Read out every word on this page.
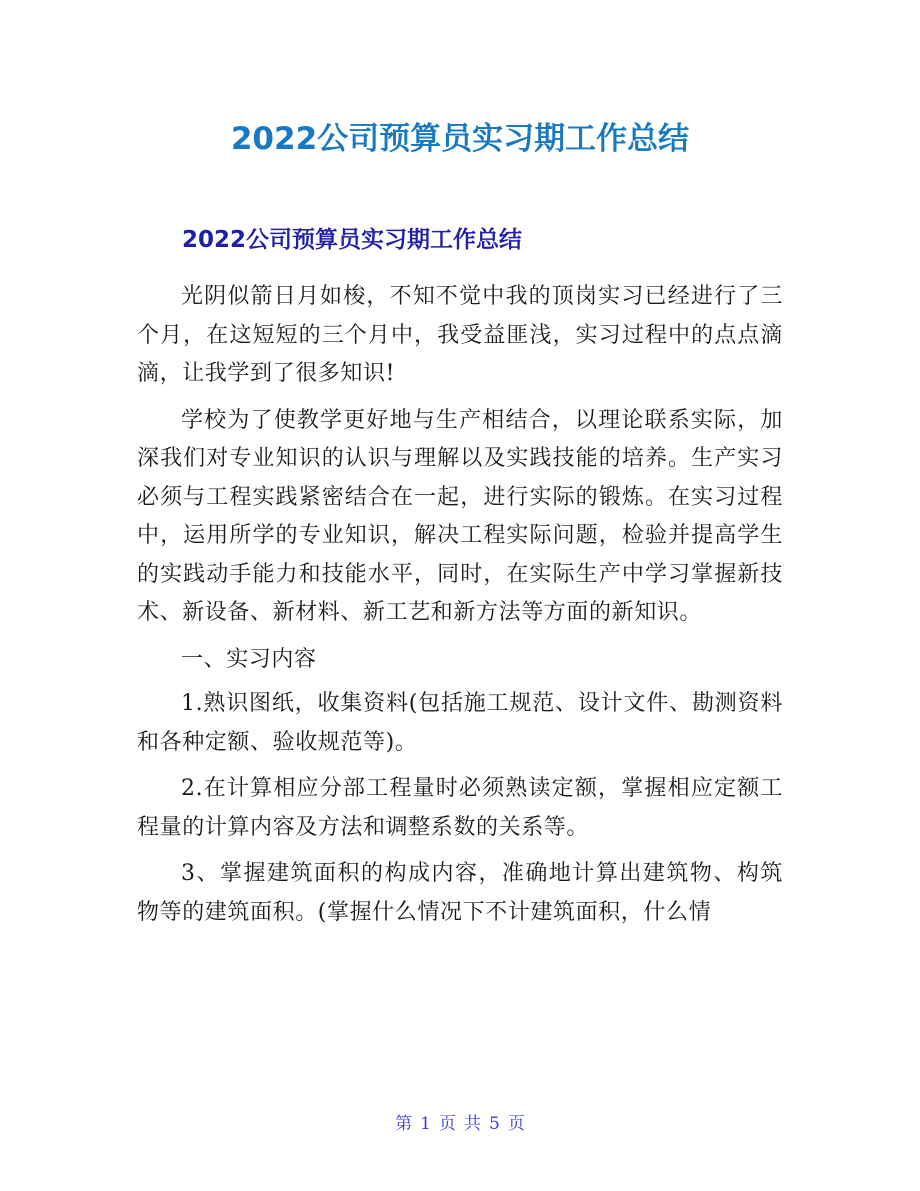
2022公司预算员实习期工作总结
2022公司预算员实习期工作总结

光阴似箭日月如梭，不知不觉中我的顶岗实习已经进行了三个月，在这短短的三个月中，我受益匪浅，实习过程中的点点滴滴，让我学到了很多知识!

学校为了使教学更好地与生产相结合，以理论联系实际，加深我们对专业知识的认识与理解以及实践技能的培养。生产实习必须与工程实践紧密结合在一起，进行实际的锻炼。在实习过程中，运用所学的专业知识，解决工程实际问题，检验并提高学生的实践动手能力和技能水平，同时，在实际生产中学习掌握新技术、新设备、新材料、新工艺和新方法等方面的新知识。

一、实习内容

1.熟识图纸，收集资料(包括施工规范、设计文件、勘测资料和各种定额、验收规范等)。

2.在计算相应分部工程量时必须熟读定额，掌握相应定额工程量的计算内容及方法和调整系数的关系等。

3、掌握建筑面积的构成内容，准确地计算出建筑物、构筑物等的建筑面积。(掌握什么情况下不计建筑面积，什么情

第 1 页 共 5 页
